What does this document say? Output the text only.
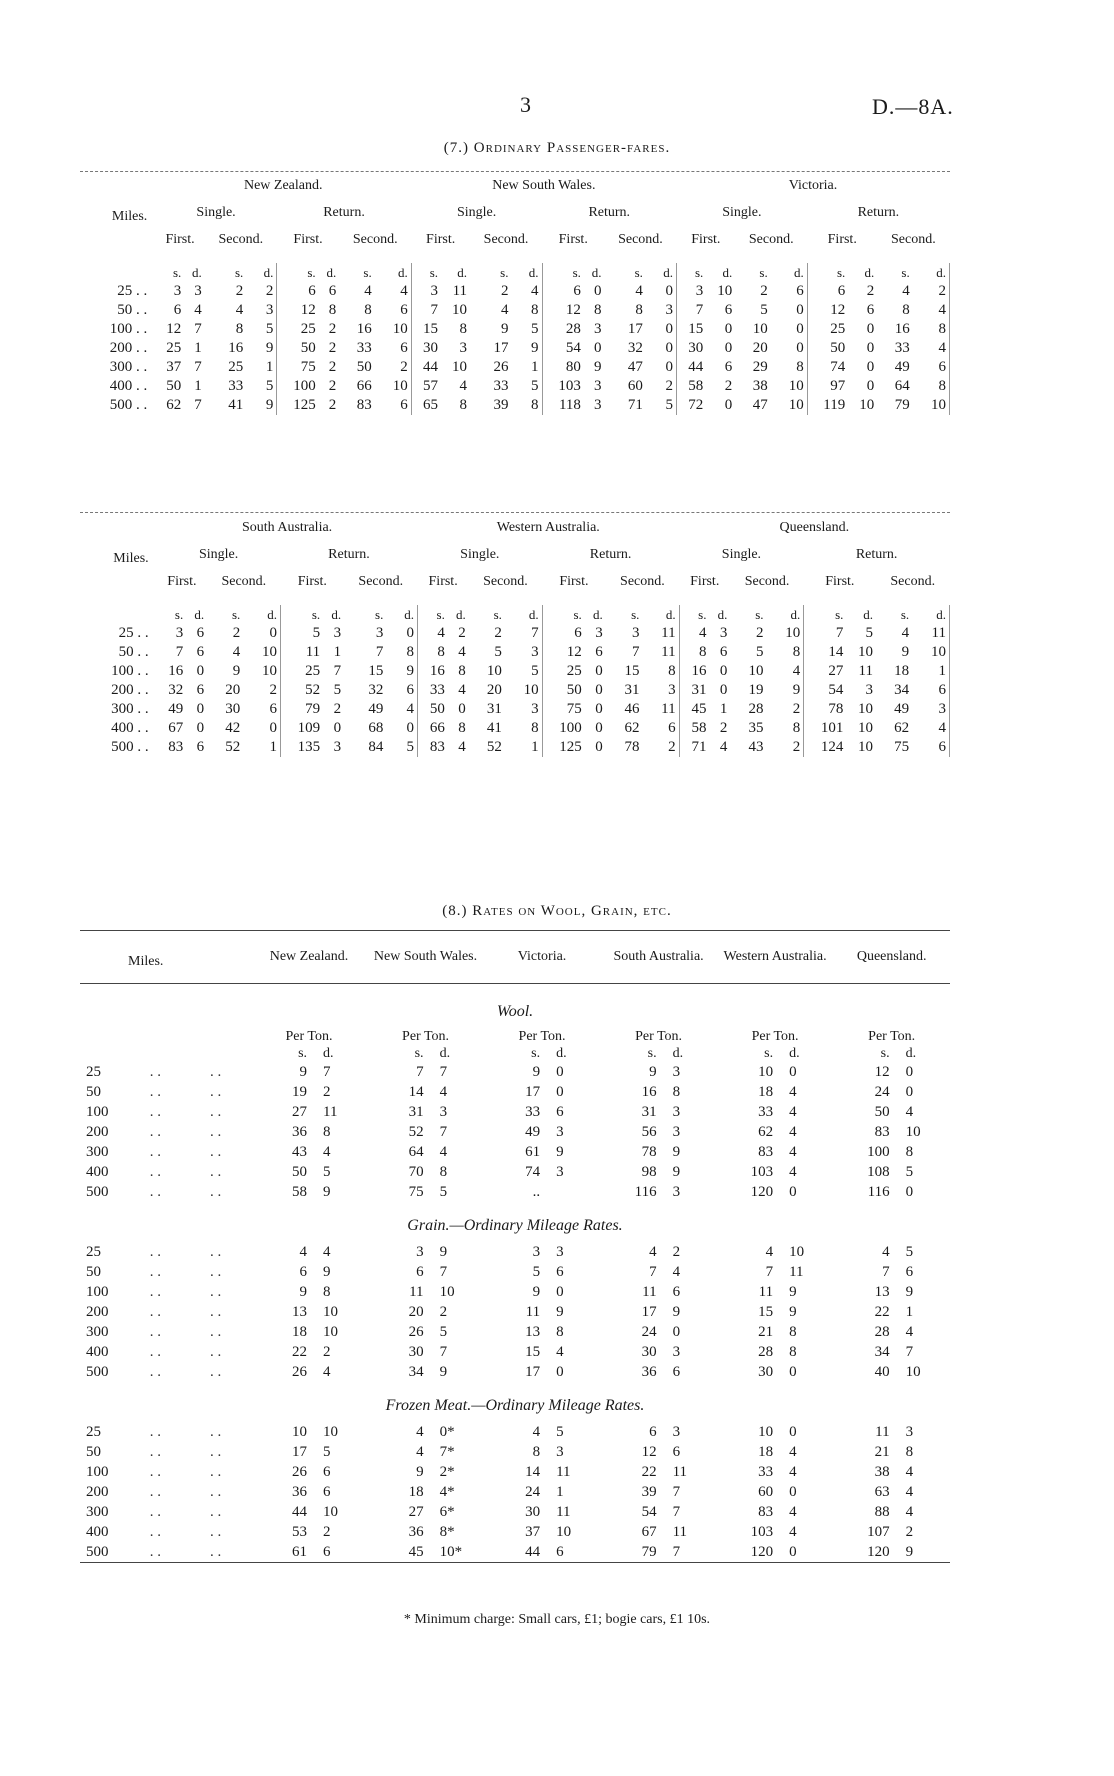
3	D.—8A.
(7.) Ordinary Passenger-fares.
	New Zealand.								New South Wales.								Victoria.							
Miles.	Single.				Return.				Single.				Return.				Single.				Return.			
	First.		Second.		First.		Second.		First.		Second.		First.		Second.		First.		Second.		First.		Second.	

	s.	d.	s.	d.	s.	d.	s.	d.	s.	d.	s.	d.	s.	d.	s.	d.	s.	d.	s.	d.	s.	d.	s.	d.
25 . .	3	3	2	2	6	6	4	4	3	11	2	4	6	0	4	0	3	10	2	6	6	2	4	2
50 . .	6	4	4	3	12	8	8	6	7	10	4	8	12	8	8	3	7	6	5	0	12	6	8	4
100 . .	12	7	8	5	25	2	16	10	15	8	9	5	28	3	17	0	15	0	10	0	25	0	16	8
200 . .	25	1	16	9	50	2	33	6	30	3	17	9	54	0	32	0	30	0	20	0	50	0	33	4
300 . .	37	7	25	1	75	2	50	2	44	10	26	1	80	9	47	0	44	6	29	8	74	0	49	6
400 . .	50	1	33	5	100	2	66	10	57	4	33	5	103	3	60	2	58	2	38	10	97	0	64	8
500 . .	62	7	41	9	125	2	83	6	65	8	39	8	118	3	71	5	72	0	47	10	119	10	79	10
	South Australia.								Western Australia.								Queensland.							
Miles.	Single.				Return.				Single.				Return.				Single.				Return.			
	First.		Second.		First.		Second.		First.		Second.		First.		Second.		First.		Second.		First.		Second.	

	s.	d.	s.	d.	s.	d.	s.	d.	s.	d.	s.	d.	s.	d.	s.	d.	s.	d.	s.	d.	s.	d.	s.	d.
25 . .	3	6	2	0	5	3	3	0	4	2	2	7	6	3	3	11	4	3	2	10	7	5	4	11
50 . .	7	6	4	10	11	1	7	8	8	4	5	3	12	6	7	11	8	6	5	8	14	10	9	10
100 . .	16	0	9	10	25	7	15	9	16	8	10	5	25	0	15	8	16	0	10	4	27	11	18	1
200 . .	32	6	20	2	52	5	32	6	33	4	20	10	50	0	31	3	31	0	19	9	54	3	34	6
300 . .	49	0	30	6	79	2	49	4	50	0	31	3	75	0	46	11	45	1	28	2	78	10	49	3
400 . .	67	0	42	0	109	0	68	0	66	8	41	8	100	0	62	6	58	2	35	8	101	10	62	4
500 . .	83	6	52	1	135	3	84	5	83	4	52	1	125	0	78	2	71	4	43	2	124	10	75	6
(8.) Rates on Wool, Grain, etc.
Miles.			New Zealand.		New South Wales.		Victoria.		South Australia.		Western Australia.		Queensland.	
Wool.														
			Per Ton.		Per Ton.		Per Ton.		Per Ton.		Per Ton.		Per Ton.	
			s.	d.	s.	d.	s.	d.	s.	d.	s.	d.	s.	d.
25	. .	. .	9	7	7	7	9	0	9	3	10	0	12	0
50	. .	. .	19	2	14	4	17	0	16	8	18	4	24	0
100	. .	. .	27	11	31	3	33	6	31	3	33	4	50	4
200	. .	. .	36	8	52	7	49	3	56	3	62	4	83	10
300	. .	. .	43	4	64	4	61	9	78	9	83	4	100	8
400	. .	. .	50	5	70	8	74	3	98	9	103	4	108	5
500	. .	. .	58	9	75	5	..		116	3	120	0	116	0
Grain.—Ordinary Mileage Rates.														
25	. .	. .	4	4	3	9	3	3	4	2	4	10	4	5
50	. .	. .	6	9	6	7	5	6	7	4	7	11	7	6
100	. .	. .	9	8	11	10	9	0	11	6	11	9	13	9
200	. .	. .	13	10	20	2	11	9	17	9	15	9	22	1
300	. .	. .	18	10	26	5	13	8	24	0	21	8	28	4
400	. .	. .	22	2	30	7	15	4	30	3	28	8	34	7
500	. .	. .	26	4	34	9	17	0	36	6	30	0	40	10
Frozen Meat.—Ordinary Mileage Rates.														
25	. .	. .	10	10	4	0*	4	5	6	3	10	0	11	3
50	. .	. .	17	5	4	7*	8	3	12	6	18	4	21	8
100	. .	. .	26	6	9	2*	14	11	22	11	33	4	38	4
200	. .	. .	36	6	18	4*	24	1	39	7	60	0	63	4
300	. .	. .	44	10	27	6*	30	11	54	7	83	4	88	4
400	. .	. .	53	2	36	8*	37	10	67	11	103	4	107	2
500	. .	. .	61	6	45	10*	44	6	79	7	120	0	120	9

* Minimum charge: Small cars, £1; bogie cars, £1 10s.
